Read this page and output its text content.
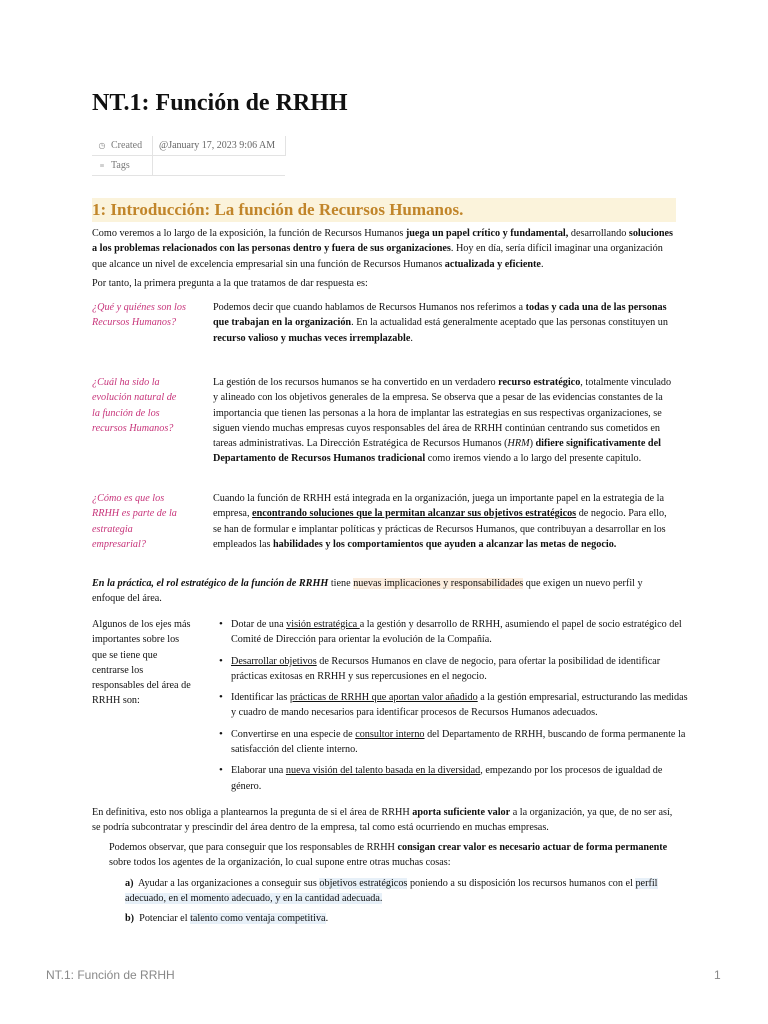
NT.1: Función de RRHH
◷ Created	@January 17, 2023 9:06 AM
≡ Tags	
1: Introducción: La función de Recursos Humanos.

Como veremos a lo largo de la exposición, la función de Recursos Humanos juega un papel crítico y fundamental, desarrollando soluciones a los problemas relacionados con las personas dentro y fuera de sus organizaciones. Hoy en día, sería difícil imaginar una organización que alcance un nivel de excelencia empresarial sin una función de Recursos Humanos actualizada y eficiente.

Por tanto, la primera pregunta a la que tratamos de dar respuesta es:

¿Qué y quiénes son los Recursos Humanos?

Podemos decir que cuando hablamos de Recursos Humanos nos referimos a todas y cada una de las personas que trabajan en la organización. En la actualidad está generalmente aceptado que las personas constituyen un recurso valioso y muchas veces irremplazable.

¿Cuál ha sido la evolución natural de la función de los recursos Humanos?

La gestión de los recursos humanos se ha convertido en un verdadero recurso estratégico, totalmente vinculado y alineado con los objetivos generales de la empresa. Se observa que a pesar de las evidencias constantes de la importancia que tienen las personas a la hora de implantar las estrategias en sus respectivas organizaciones, se siguen viendo muchas empresas cuyos responsables del área de RRHH continúan centrando sus cometidos en tareas administrativas. La Dirección Estratégica de Recursos Humanos (HRM) difiere significativamente del Departamento de Recursos Humanos tradicional como iremos viendo a lo largo del presente capitulo.

¿Cómo es que los RRHH es parte de la estrategia empresarial?

Cuando la función de RRHH está integrada en la organización, juega un importante papel en la estrategia de la empresa, encontrando soluciones que la permitan alcanzar sus objetivos estratégicos de negocio. Para ello, se han de formular e implantar políticas y prácticas de Recursos Humanos, que contribuyan a desarrollar en los empleados las habilidades y los comportamientos que ayuden a alcanzar las metas de negocio.

En la práctica, el rol estratégico de la función de RRHH tiene nuevas implicaciones y responsabilidades que exigen un nuevo perfil y enfoque del área.

Algunos de los ejes más importantes sobre los que se tiene que centrarse los responsables del área de RRHH son:

• Dotar de una visión estratégica a la gestión y desarrollo de RRHH, asumiendo el papel de socio estratégico del Comité de Dirección para orientar la evolución de la Compañía.
• Desarrollar objetivos de Recursos Humanos en clave de negocio, para ofertar la posibilidad de identificar prácticas exitosas en RRHH y sus repercusiones en el negocio.
• Identificar las prácticas de RRHH que aportan valor añadido a la gestión empresarial, estructurando las medidas y cuadro de mando necesarios para identificar procesos de Recursos Humanos adecuados.
• Convertirse en una especie de consultor interno del Departamento de RRHH, buscando de forma permanente la satisfacción del cliente interno.
• Elaborar una nueva visión del talento basada en la diversidad, empezando por los procesos de igualdad de género.

En definitiva, esto nos obliga a plantearnos la pregunta de si el área de RRHH aporta suficiente valor a la organización, ya que, de no ser así, se podría subcontratar y prescindir del área dentro de la empresa, tal como está ocurriendo en muchas empresas.

Podemos observar, que para conseguir que los responsables de RRHH consigan crear valor es necesario actuar de forma permanente sobre todos los agentes de la organización, lo cual supone entre otras muchas cosas:

a) Ayudar a las organizaciones a conseguir sus objetivos estratégicos poniendo a su disposición los recursos humanos con el perfil adecuado, en el momento adecuado, y en la cantidad adecuada.

b) Potenciar el talento como ventaja competitiva.

NT.1: Función de RRHH	1
